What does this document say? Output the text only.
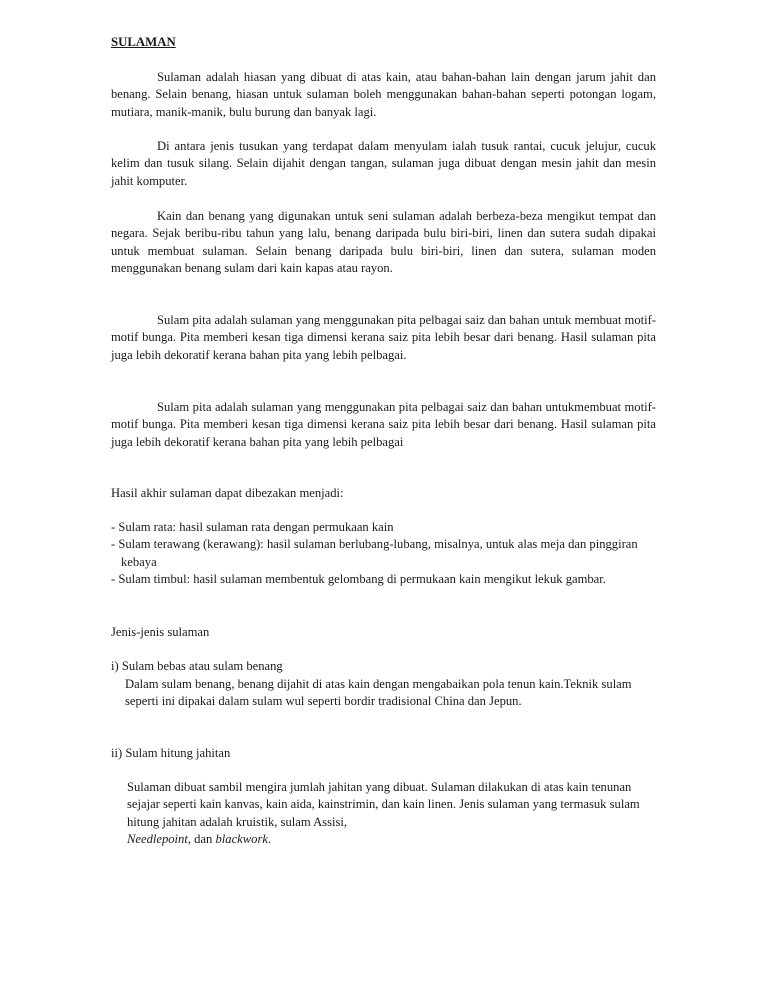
SULAMAN

Sulaman adalah hiasan yang dibuat di atas kain, atau bahan-bahan lain dengan jarum jahit dan benang. Selain benang, hiasan untuk sulaman boleh menggunakan bahan-bahan seperti potongan logam, mutiara, manik-manik, bulu burung dan banyak lagi.

Di antara jenis tusukan yang terdapat dalam menyulam ialah tusuk rantai, cucuk jelujur, cucuk kelim dan tusuk silang. Selain dijahit dengan tangan, sulaman juga dibuat dengan mesin jahit dan mesin jahit komputer.

Kain dan benang yang digunakan untuk seni sulaman adalah berbeza-beza mengikut tempat dan negara. Sejak beribu-ribu tahun yang lalu, benang daripada bulu biri-biri, linen dan sutera sudah dipakai untuk membuat sulaman. Selain benang daripada bulu biri-biri, linen dan sutera, sulaman moden menggunakan benang sulam dari kain kapas atau rayon.

Sulam pita adalah sulaman yang menggunakan pita pelbagai saiz dan bahan untuk membuat motif-motif bunga. Pita memberi kesan tiga dimensi kerana saiz pita lebih besar dari benang. Hasil sulaman pita juga lebih dekoratif kerana bahan pita yang lebih pelbagai.

Sulam pita adalah sulaman yang menggunakan pita pelbagai saiz dan bahan untukmembuat motif-motif bunga. Pita memberi kesan tiga dimensi kerana saiz pita lebih besar dari benang. Hasil sulaman pita juga lebih dekoratif kerana bahan pita yang lebih pelbagai

Hasil akhir sulaman dapat dibezakan menjadi:

- Sulam rata: hasil sulaman rata dengan permukaan kain
- Sulam terawang (kerawang): hasil sulaman berlubang-lubang, misalnya, untuk alas meja dan pinggiran kebaya
- Sulam timbul: hasil sulaman membentuk gelombang di permukaan kain mengikut lekuk gambar.

Jenis-jenis sulaman

i) Sulam bebas atau sulam benang

Dalam sulam benang, benang dijahit di atas kain dengan mengabaikan pola tenun kain.Teknik sulam seperti ini dipakai dalam sulam wul seperti bordir tradisional China dan Jepun.

ii) Sulam hitung jahitan

Sulaman dibuat sambil mengira jumlah jahitan yang dibuat. Sulaman dilakukan di atas kain tenunan sejajar seperti kain kanvas, kain aida, kainstrimin, dan kain linen. Jenis sulaman yang termasuk sulam hitung jahitan adalah kruistik, sulam Assisi,
Needlepoint, dan blackwork.
